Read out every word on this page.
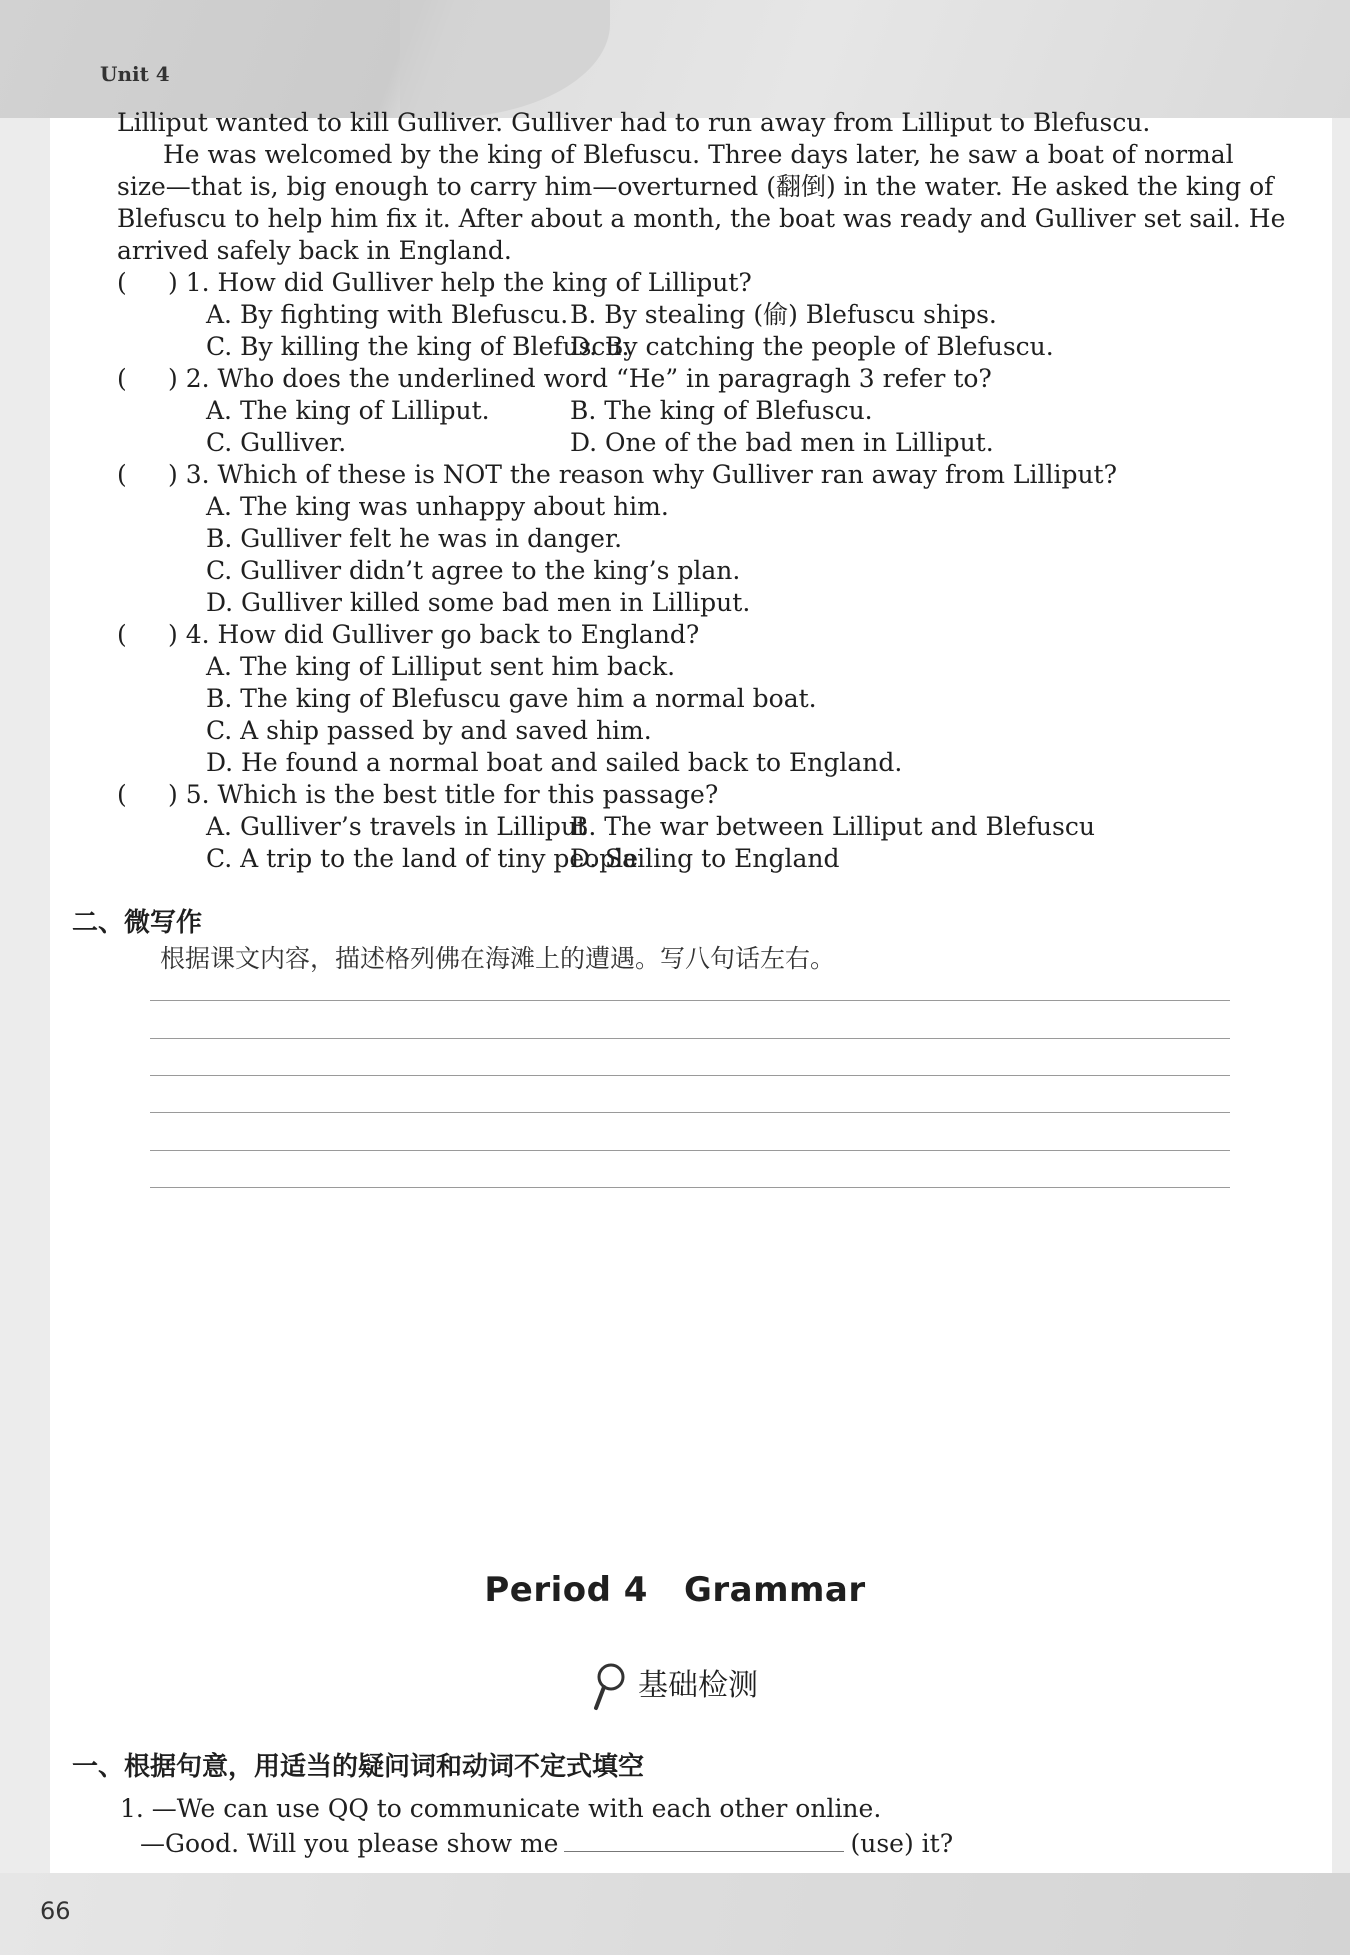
Unit 4
Lilliput wanted to kill Gulliver. Gulliver had to run away from Lilliput to Blefuscu.
He was welcomed by the king of Blefuscu. Three days later, he saw a boat of normal
size—that is, big enough to carry him—overturned (翻倒) in the water. He asked the king of
Blefuscu to help him fix it. After about a month, the boat was ready and Gulliver set sail. He
arrived safely back in England.
( ) 1. How did Gulliver help the king of Lilliput?
A. By fighting with Blefuscu. B. By stealing (偷) Blefuscu ships.
C. By killing the king of Blefuscu.
D. By catching the people of Blefuscu.
( ) 2. Who does the underlined word “He” in paragragh 3 refer to?
A. The king of Lilliput.	B. The king of Blefuscu.
C. Gulliver.	D. One of the bad men in Lilliput.
( ) 3. Which of these is NOT the reason why Gulliver ran away from Lilliput?
A. The king was unhappy about him.
B. Gulliver felt he was in danger.
C. Gulliver didn’t agree to the king’s plan.
D. Gulliver killed some bad men in Lilliput.
( ) 4. How did Gulliver go back to England?
A. The king of Lilliput sent him back.
B. The king of Blefuscu gave him a normal boat.
C. A ship passed by and saved him.
D. He found a normal boat and sailed back to England.
( ) 5. Which is the best title for this passage?
A. Gulliver’s travels in Lilliput
B. The war between Lilliput and Blefuscu
C. A trip to the land of tiny people
D. Sailing to England
二、微写作
根据课文内容，描述格列佛在海滩上的遭遇。写八句话左右。
Period 4 Grammar
基础检测
一、根据句意，用适当的疑问词和动词不定式填空
1. —We can use QQ to communicate with each other online.
—Good. Will you please show me	(use) it?
66
